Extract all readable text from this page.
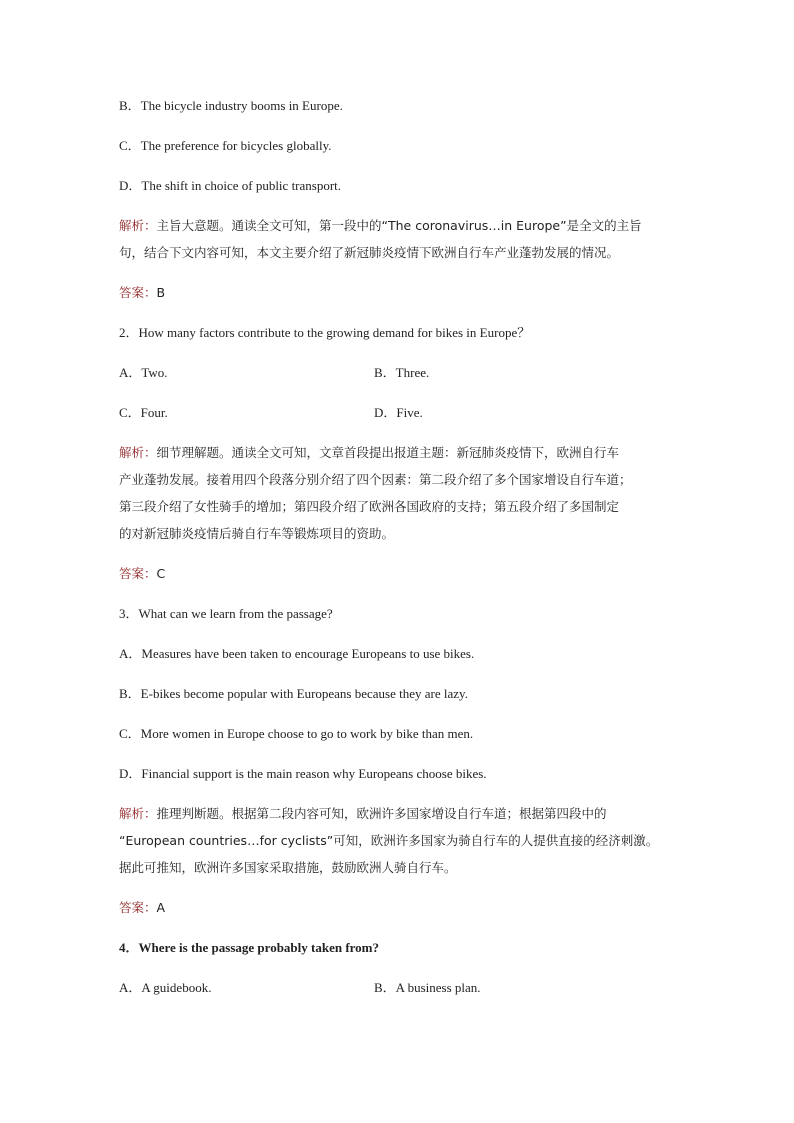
B．The bicycle industry booms in Europe.
C．The preference for bicycles globally.
D．The shift in choice of public transport.
解析：主旨大意题。通读全文可知，第一段中的“The coronavirus…in Europe”是全文的主旨
句，结合下文内容可知，本文主要介绍了新冠肺炎疫情下欧洲自行车产业蓬勃发展的情况。
答案：B
2．How many factors contribute to the growing demand for bikes in Europe？
A．Two.	B．Three.
C．Four.	D．Five.
解析：细节理解题。通读全文可知，文章首段提出报道主题：新冠肺炎疫情下，欧洲自行车
产业蓬勃发展。接着用四个段落分别介绍了四个因素：第二段介绍了多个国家增设自行车道；
第三段介绍了女性骑手的增加；第四段介绍了欧洲各国政府的支持；第五段介绍了多国制定
的对新冠肺炎疫情后骑自行车等锻炼项目的资助。
答案：C
3．What can we learn from the passage?
A．Measures have been taken to encourage Europeans to use bikes.
B．E-bikes become popular with Europeans because they are lazy.
C．More women in Europe choose to go to work by bike than men.
D．Financial support is the main reason why Europeans choose bikes.
解析：推理判断题。根据第二段内容可知，欧洲许多国家增设自行车道；根据第四段中的
“European countries…for cyclists”可知，欧洲许多国家为骑自行车的人提供直接的经济刺激。
据此可推知，欧洲许多国家采取措施，鼓励欧洲人骑自行车。
答案：A
4．Where is the passage probably taken from?
A．A guidebook.	B．A business plan.
